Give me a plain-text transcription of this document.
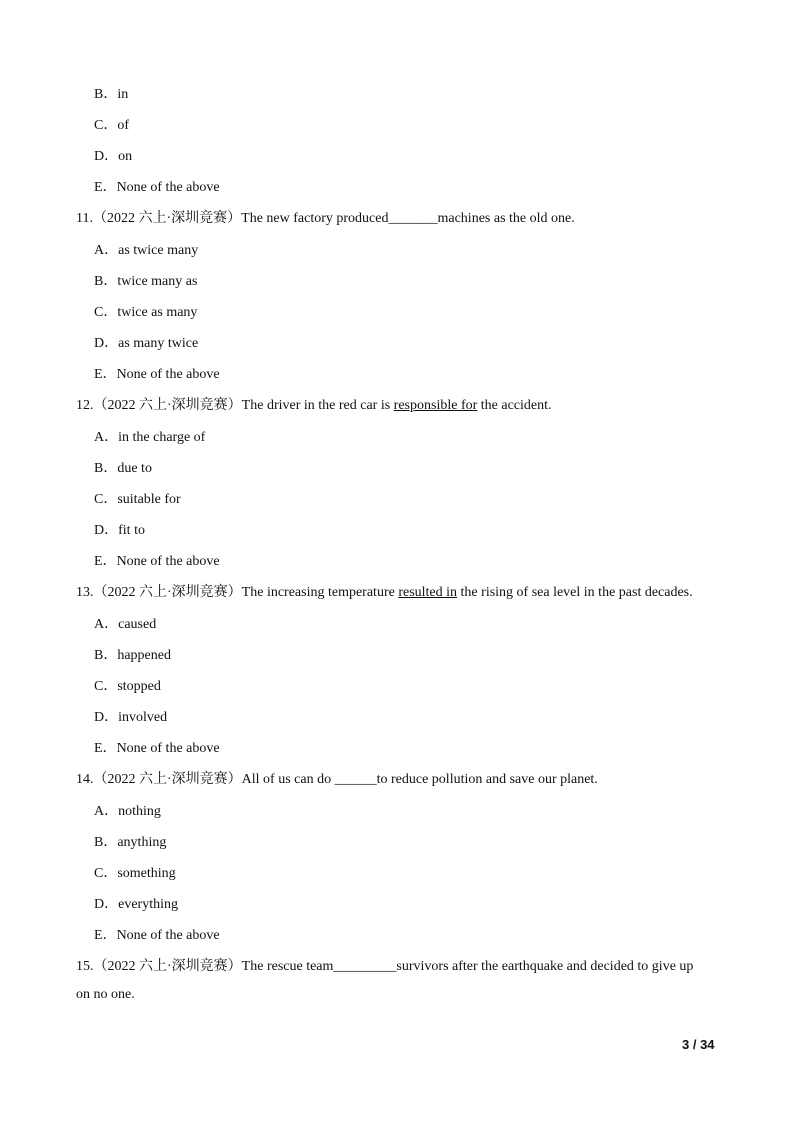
B．in
C．of
D．on
E．None of the above
11.（2022 六上·深圳竞赛）The new factory produced_______machines as the old one.
A．as twice many
B．twice many as
C．twice as many
D．as many twice
E．None of the above
12.（2022 六上·深圳竞赛）The driver in the red car is responsible for the accident.
A．in the charge of
B．due to
C．suitable for
D．fit to
E．None of the above
13.（2022 六上·深圳竞赛）The increasing temperature resulted in the rising of sea level in the past decades.
A．caused
B．happened
C．stopped
D．involved
E．None of the above
14.（2022 六上·深圳竞赛）All of us can do ______to reduce pollution and save our planet.
A．nothing
B．anything
C．something
D．everything
E．None of the above
15.（2022 六上·深圳竞赛）The rescue team_________survivors after the earthquake and decided to give up
on no one.
3 / 34
